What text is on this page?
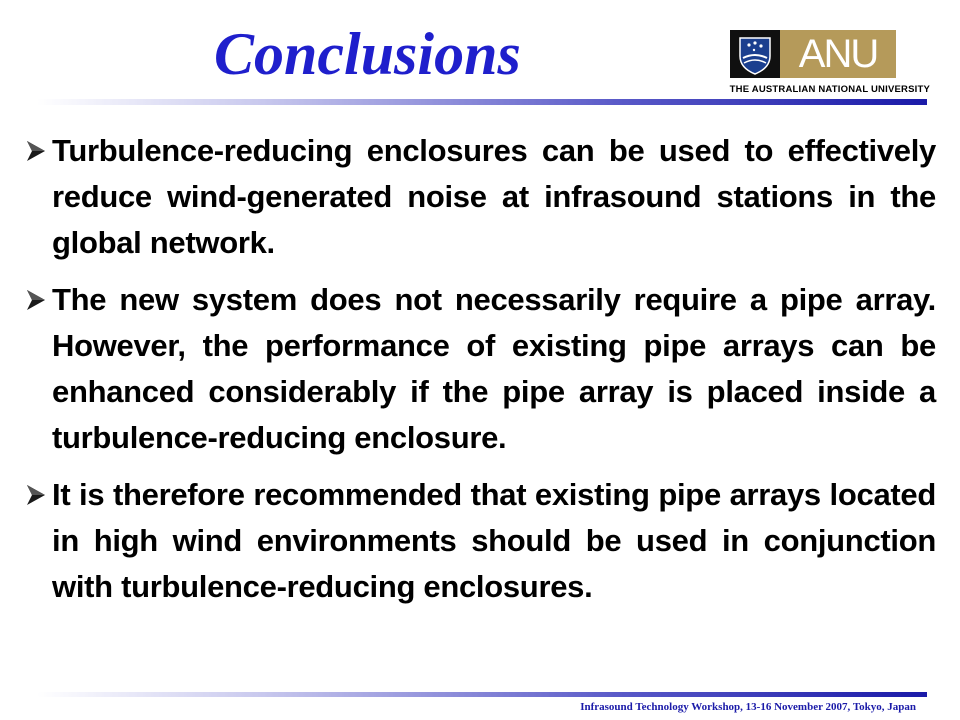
Conclusions	ANU
THE AUSTRALIAN NATIONAL UNIVERSITY
Turbulence-reducing enclosures can be used to effectively reduce wind-generated noise at infrasound stations in the global network.
The new system does not necessarily require a pipe array. However, the performance of existing pipe arrays can be enhanced considerably if the pipe array is placed inside a turbulence-reducing enclosure.
It is therefore recommended that existing pipe arrays located in high wind environments should be used in conjunction with turbulence-reducing enclosures.
Infrasound Technology Workshop, 13-16 November 2007, Tokyo, Japan
